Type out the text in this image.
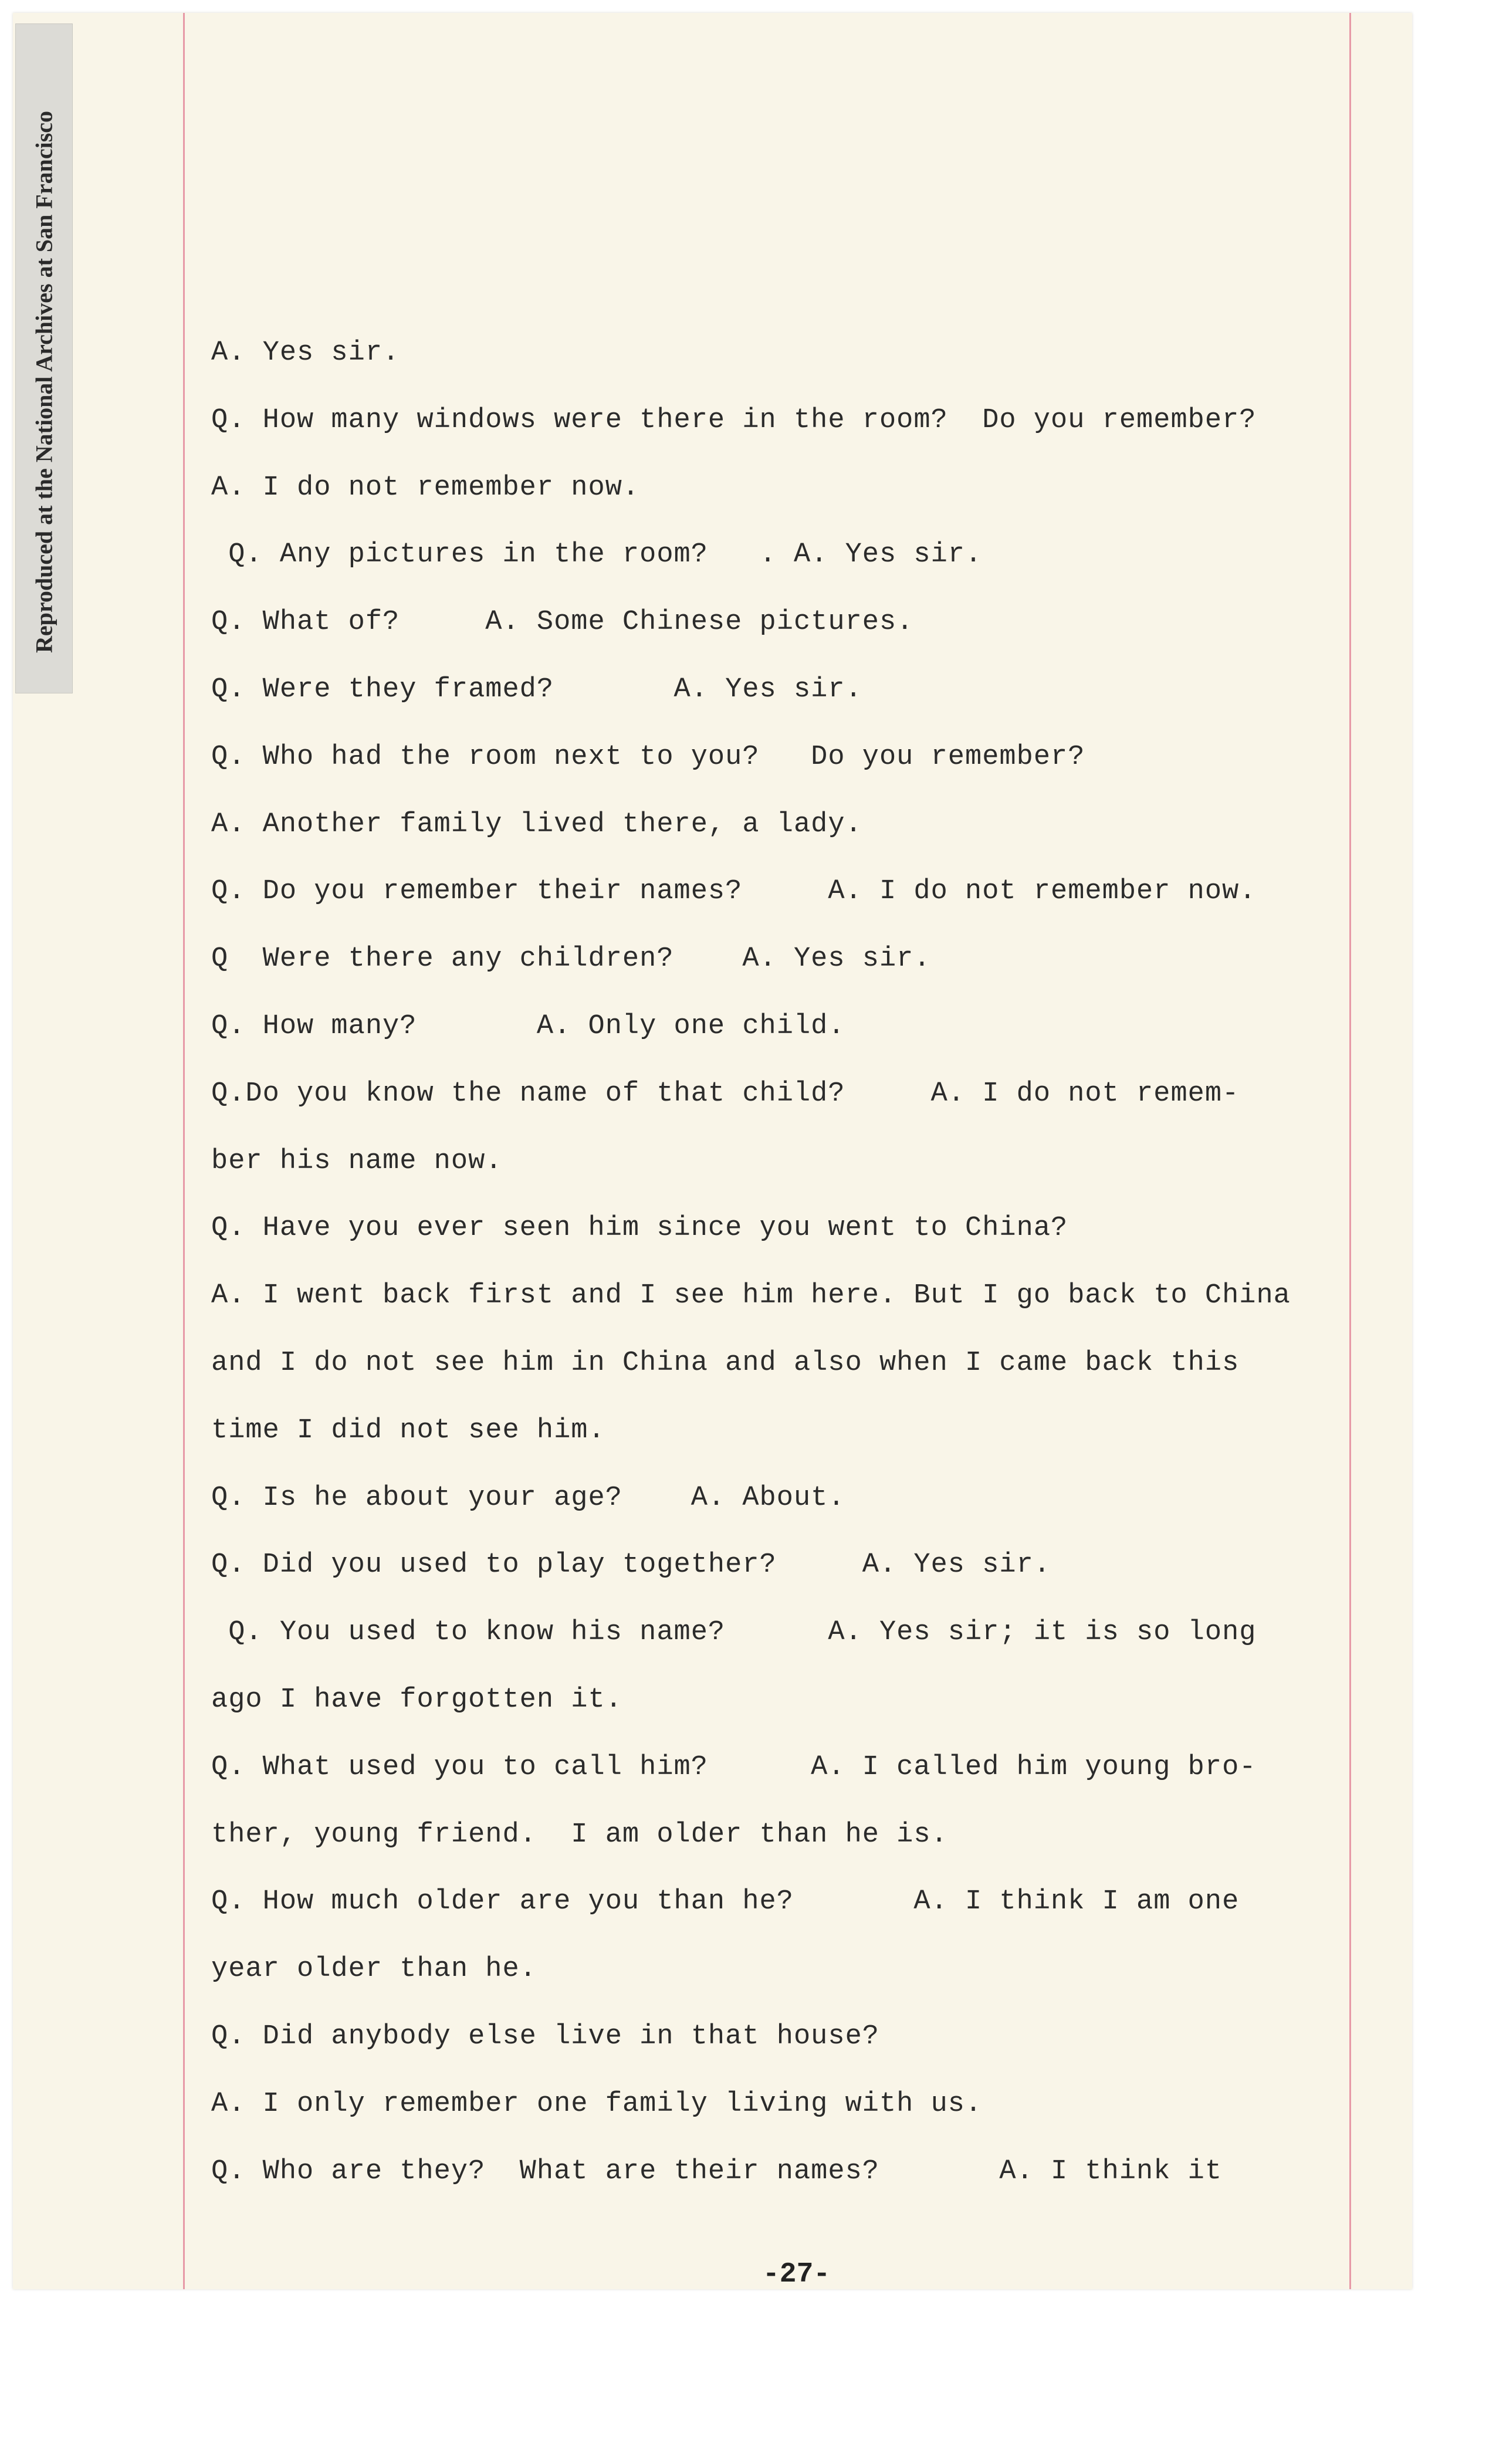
Reproduced at the National Archives at San Francisco	A. Yes sir.
Q. How many windows were there in the room?  Do you remember?
A. I do not remember now.
Q. Any pictures in the room?   . A. Yes sir.
Q. What of?     A. Some Chinese pictures.
Q. Were they framed?       A. Yes sir.
Q. Who had the room next to you?   Do you remember?
A. Another family lived there, a lady.
Q. Do you remember their names?     A. I do not remember now.
Q  Were there any children?    A. Yes sir.
Q. How many?       A. Only one child.
Q.Do you know the name of that child?     A. I do not remem-
ber his name now.
Q. Have you ever seen him since you went to China?
A. I went back first and I see him here. But I go back to China
and I do not see him in China and also when I came back this
time I did not see him.
Q. Is he about your age?    A. About.
Q. Did you used to play together?     A. Yes sir.
Q. You used to know his name?      A. Yes sir; it is so long
ago I have forgotten it.
Q. What used you to call him?      A. I called him young bro-
ther, young friend.  I am older than he is.
Q. How much older are you than he?       A. I think I am one
year older than he.
Q. Did anybody else live in that house?
A. I only remember one family living with us.
Q. Who are they?  What are their names?       A. I think it
-27-
